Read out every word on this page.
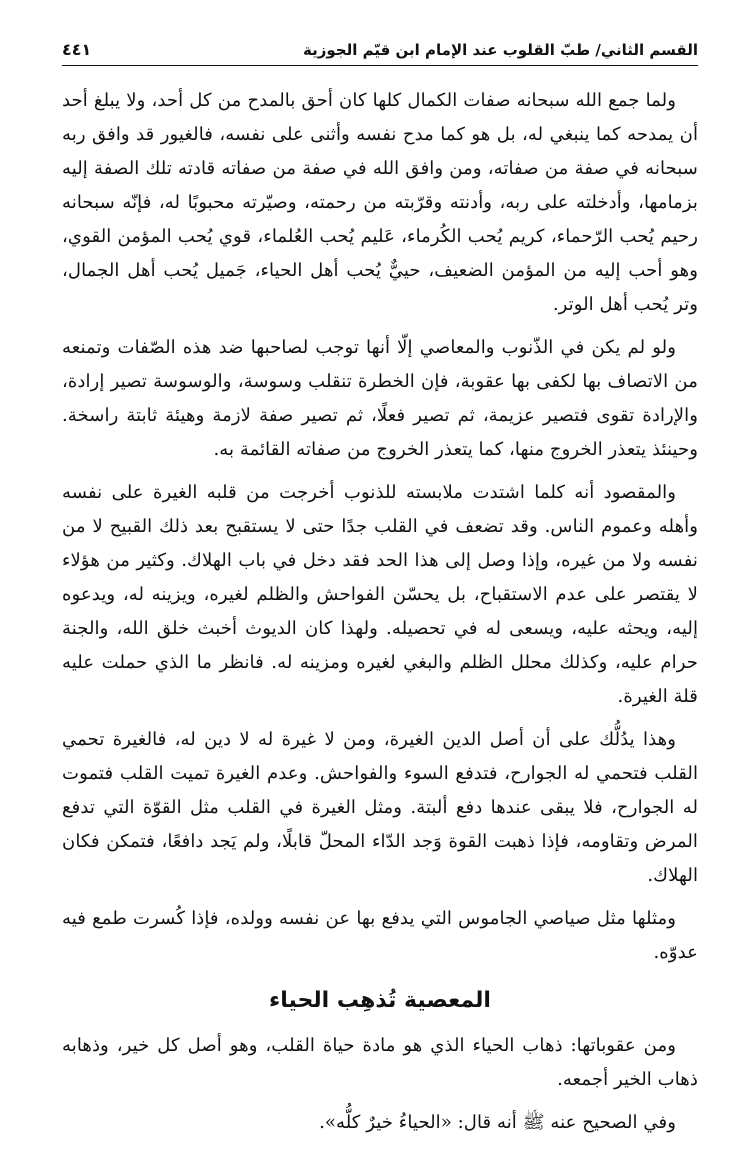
القسم الثاني/ طبّ القلوب عند الإمام ابن قيّم الجوزية
٤٤١

ولما جمع الله سبحانه صفات الكمال كلها كان أحق بالمدح من كل أحد، ولا يبلغ أحد أن يمدحه كما ينبغي له، بل هو كما مدح نفسه وأثنى على نفسه، فالغيور قد وافق ربه سبحانه في صفة من صفاته، ومن وافق الله في صفة من صفاته قادته تلك الصفة إليه بزمامها، وأدخلته على ربه، وأدنته وقرّبته من رحمته، وصيّرته محبوبًا له، فإنّه سبحانه رحيم يُحب الرّحماء، كريم يُحب الكُرماء، عَليم يُحب العُلماء، قوي يُحب المؤمن القوي، وهو أحب إليه من المؤمن الضعيف، حييٌّ يُحب أهل الحياء، جَميل يُحب أهل الجمال، وتر يُحب أهل الوتر.

ولو لم يكن في الذّنوب والمعاصي إلّا أنها توجب لصاحبها ضد هذه الصّفات وتمنعه من الاتصاف بها لكفى بها عقوبة، فإن الخطرة تنقلب وسوسة، والوسوسة تصير إرادة، والإرادة تقوى فتصير عزيمة، ثم تصير فعلًا، ثم تصير صفة لازمة وهيئة ثابتة راسخة. وحينئذ يتعذر الخروج منها، كما يتعذر الخروج من صفاته القائمة به.

والمقصود أنه كلما اشتدت ملابسته للذنوب أخرجت من قلبه الغيرة على نفسه وأهله وعموم الناس. وقد تضعف في القلب جدًا حتى لا يستقبح بعد ذلك القبيح لا من نفسه ولا من غيره، وإذا وصل إلى هذا الحد فقد دخل في باب الهلاك. وكثير من هؤلاء لا يقتصر على عدم الاستقباح، بل يحسّن الفواحش والظلم لغيره، ويزينه له، ويدعوه إليه، ويحثه عليه، ويسعى له في تحصيله. ولهذا كان الديوث أخبث خلق الله، والجنة حرام عليه، وكذلك محلل الظلم والبغي لغيره ومزينه له. فانظر ما الذي حملت عليه قلة الغيرة.

وهذا يدُلُّك على أن أصل الدين الغيرة، ومن لا غيرة له لا دين له، فالغيرة تحمي القلب فتحمي له الجوارح، فتدفع السوء والفواحش. وعدم الغيرة تميت القلب فتموت له الجوارح، فلا يبقى عندها دفع ألبتة. ومثل الغيرة في القلب مثل القوّة التي تدفع المرض وتقاومه، فإذا ذهبت القوة وَجد الدّاء المحلّ قابلًا، ولم يَجد دافعًا، فتمكن فكان الهلاك.

ومثلها مثل صياصي الجاموس التي يدفع بها عن نفسه وولده، فإذا كُسرت طمع فيه عدوّه.

المعصية تُذهِب الحياء

ومن عقوباتها: ذهاب الحياء الذي هو مادة حياة القلب، وهو أصل كل خير، وذهابه ذهاب الخير أجمعه.

وفي الصحيح عنه ﷺ أنه قال: «الحياءُ خيرٌ كلُّه».
